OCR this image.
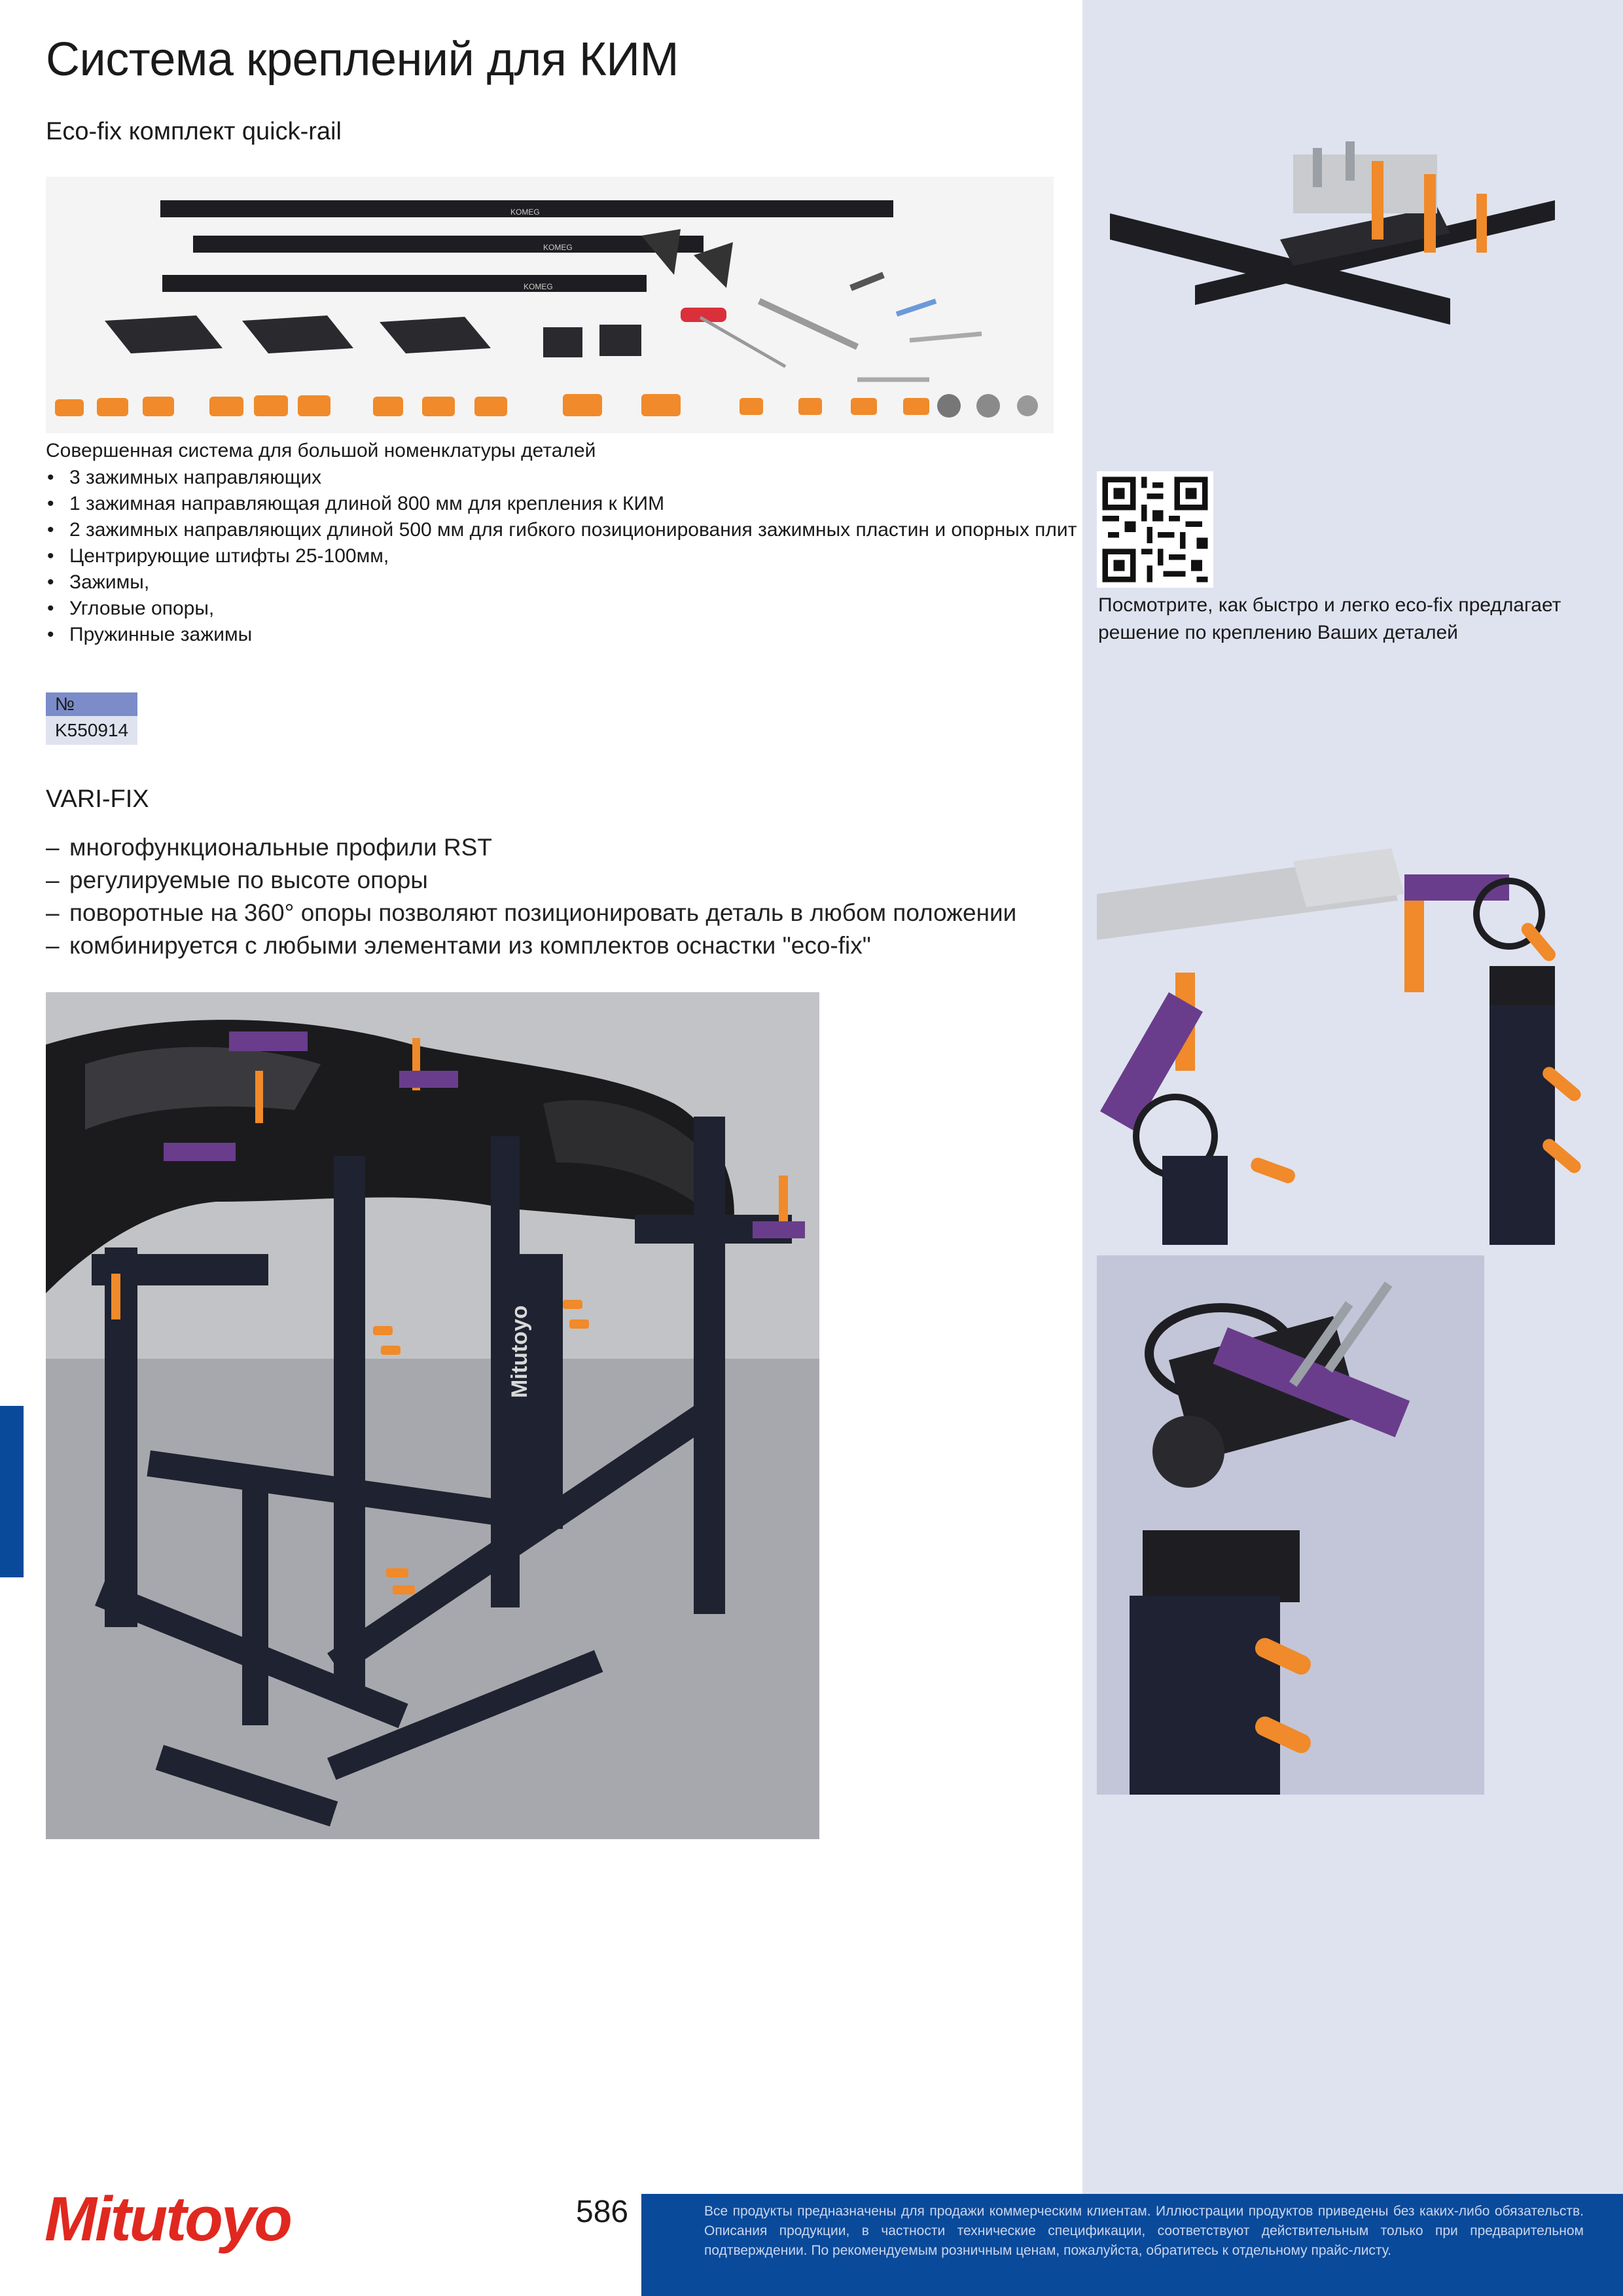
Система креплений для КИМ
Eco-fix комплект quick-rail
KOMEG
KOMEG
KOMEG

Совершенная система для большой номенклатуры деталей

• 3 зажимных направляющих
• 1 зажимная направляющая длиной 800 мм для крепления к КИМ
• 2 зажимных направляющих длиной 500 мм для гибкого позиционирования зажимных пластин и опорных плит
• Центрирующие штифты 25-100мм,
• Зажимы,
• Угловые опоры,
• Пружинные зажимы
№
K550914
VARI-FIX
– многофункциональные профили RST
– регулируемые по высоте опоры
– поворотные на 360° опоры позволяют позиционировать деталь в любом положении
– комбинируется с любыми элементами из комплектов оснастки "eco-fix"
Mitutoyo

Посмотрите, как быстро и легко eco-fix предлагает решение по креплению Ваших деталей

Mitutoyo	586	Все продукты предназначены для продажи коммерческим клиентам. Иллюстрации продуктов приведены без каких-либо обязательств. Описания продукции, в частности технические спецификации, соответствуют действительным только при предварительном подтверждении. По рекомендуемым розничным ценам, пожалуйста, обратитесь к отдельному прайс-листу.
